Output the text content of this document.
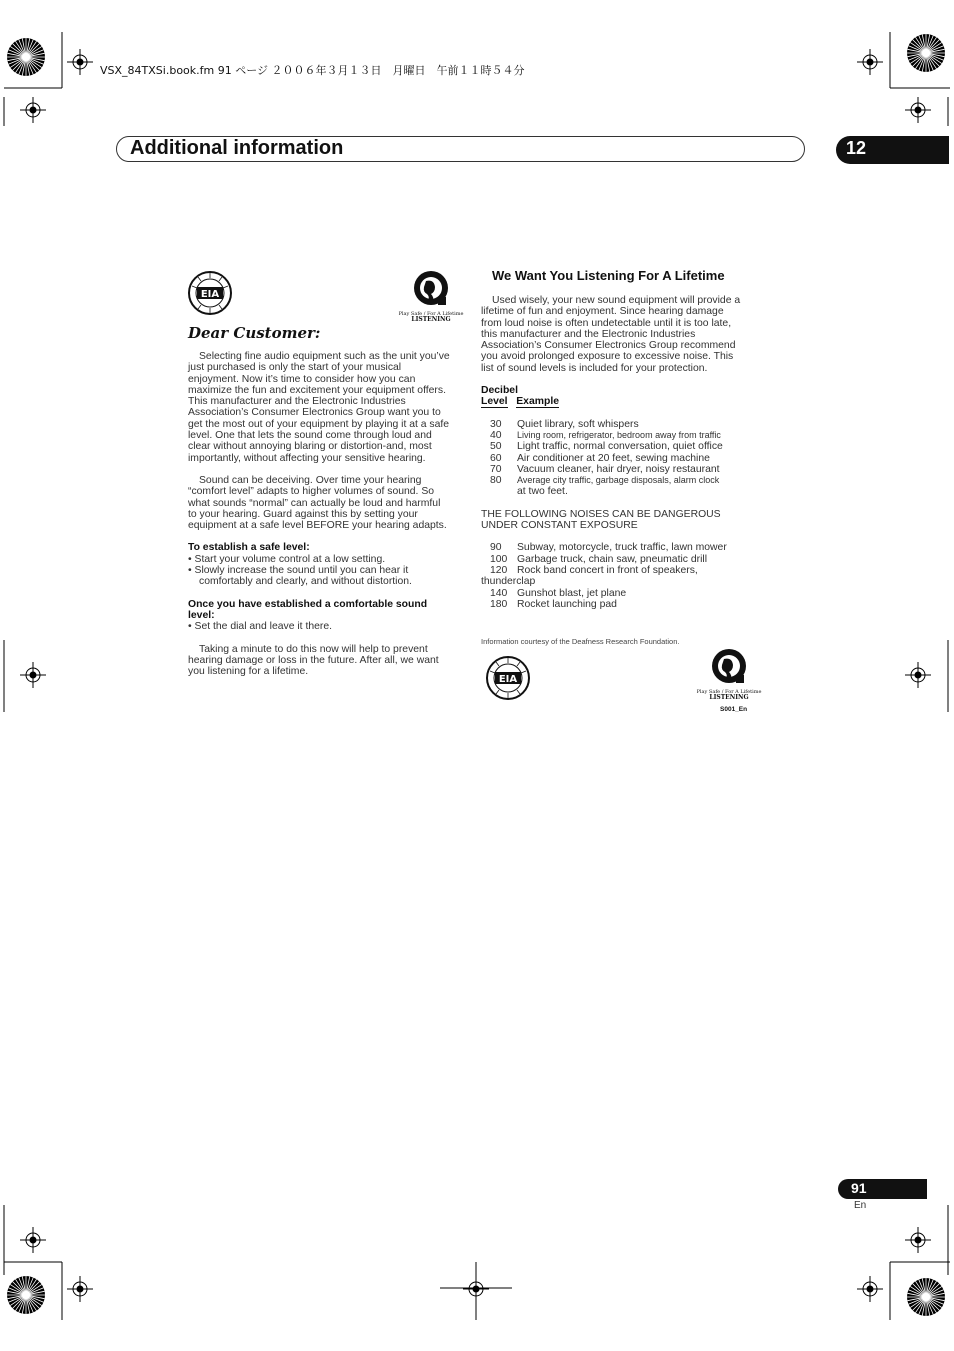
VSX_84TXSi.book.fm 91 ページ ２００６年３月１３日　月曜日　午前１１時５４分
Additional information	12
EIA
Play Safe / For A Lifetime
LISTENING
Dear Customer:

Selecting fine audio equipment such as the unit you’ve just purchased is only the start of your musical enjoyment. Now it’s time to consider how you can maximize the fun and excitement your equipment offers. This manufacturer and the Electronic Industries Association’s Consumer Electronics Group want you to get the most out of your equipment by playing it at a safe level. One that lets the sound come through loud and clear without annoying blaring or distortion-and, most importantly, without affecting your sensitive hearing.

Sound can be deceiving. Over time your hearing “comfort level” adapts to higher volumes of sound. So what sounds “normal” can actually be loud and harmful to your hearing. Guard against this by setting your equipment at a safe level BEFORE your hearing adapts.

To establish a safe level:

• Start your volume control at a low setting.

• Slowly increase the sound until you can hear it comfortably and clearly, and without distortion.

Once you have established a comfortable sound level:

• Set the dial and leave it there.

Taking a minute to do this now will help to prevent hearing damage or loss in the future. After all, we want you listening for a lifetime.

We Want You Listening For A Lifetime

Used wisely, your new sound equipment will provide a lifetime of fun and enjoyment. Since hearing damage from loud noise is often undetectable until it is too late, this manufacturer and the Electronic Industries Association’s Consumer Electronics Group recommend you avoid prolonged exposure to excessive noise. This list of sound levels is included for your protection.

Decibel

Level Example

30	Quiet library, soft whispers
40	Living room, refrigerator, bedroom away from traffic
50	Light traffic, normal conversation, quiet office
60	Air conditioner at 20 feet, sewing machine
70	Vacuum cleaner, hair dryer, noisy restaurant
80	Average city traffic, garbage disposals, alarm clock
	at two feet.

THE FOLLOWING NOISES CAN BE DANGEROUS UNDER CONSTANT EXPOSURE

90	Subway, motorcycle, truck traffic, lawn mower
100	Garbage truck, chain saw, pneumatic drill
120	Rock band concert in front of speakers,

thunderclap

140	Gunshot blast, jet plane
180	Rocket launching pad
Information courtesy of the Deafness Research Foundation.
EIA
Play Safe / For A Lifetime
LISTENING
S001_En
91
En
